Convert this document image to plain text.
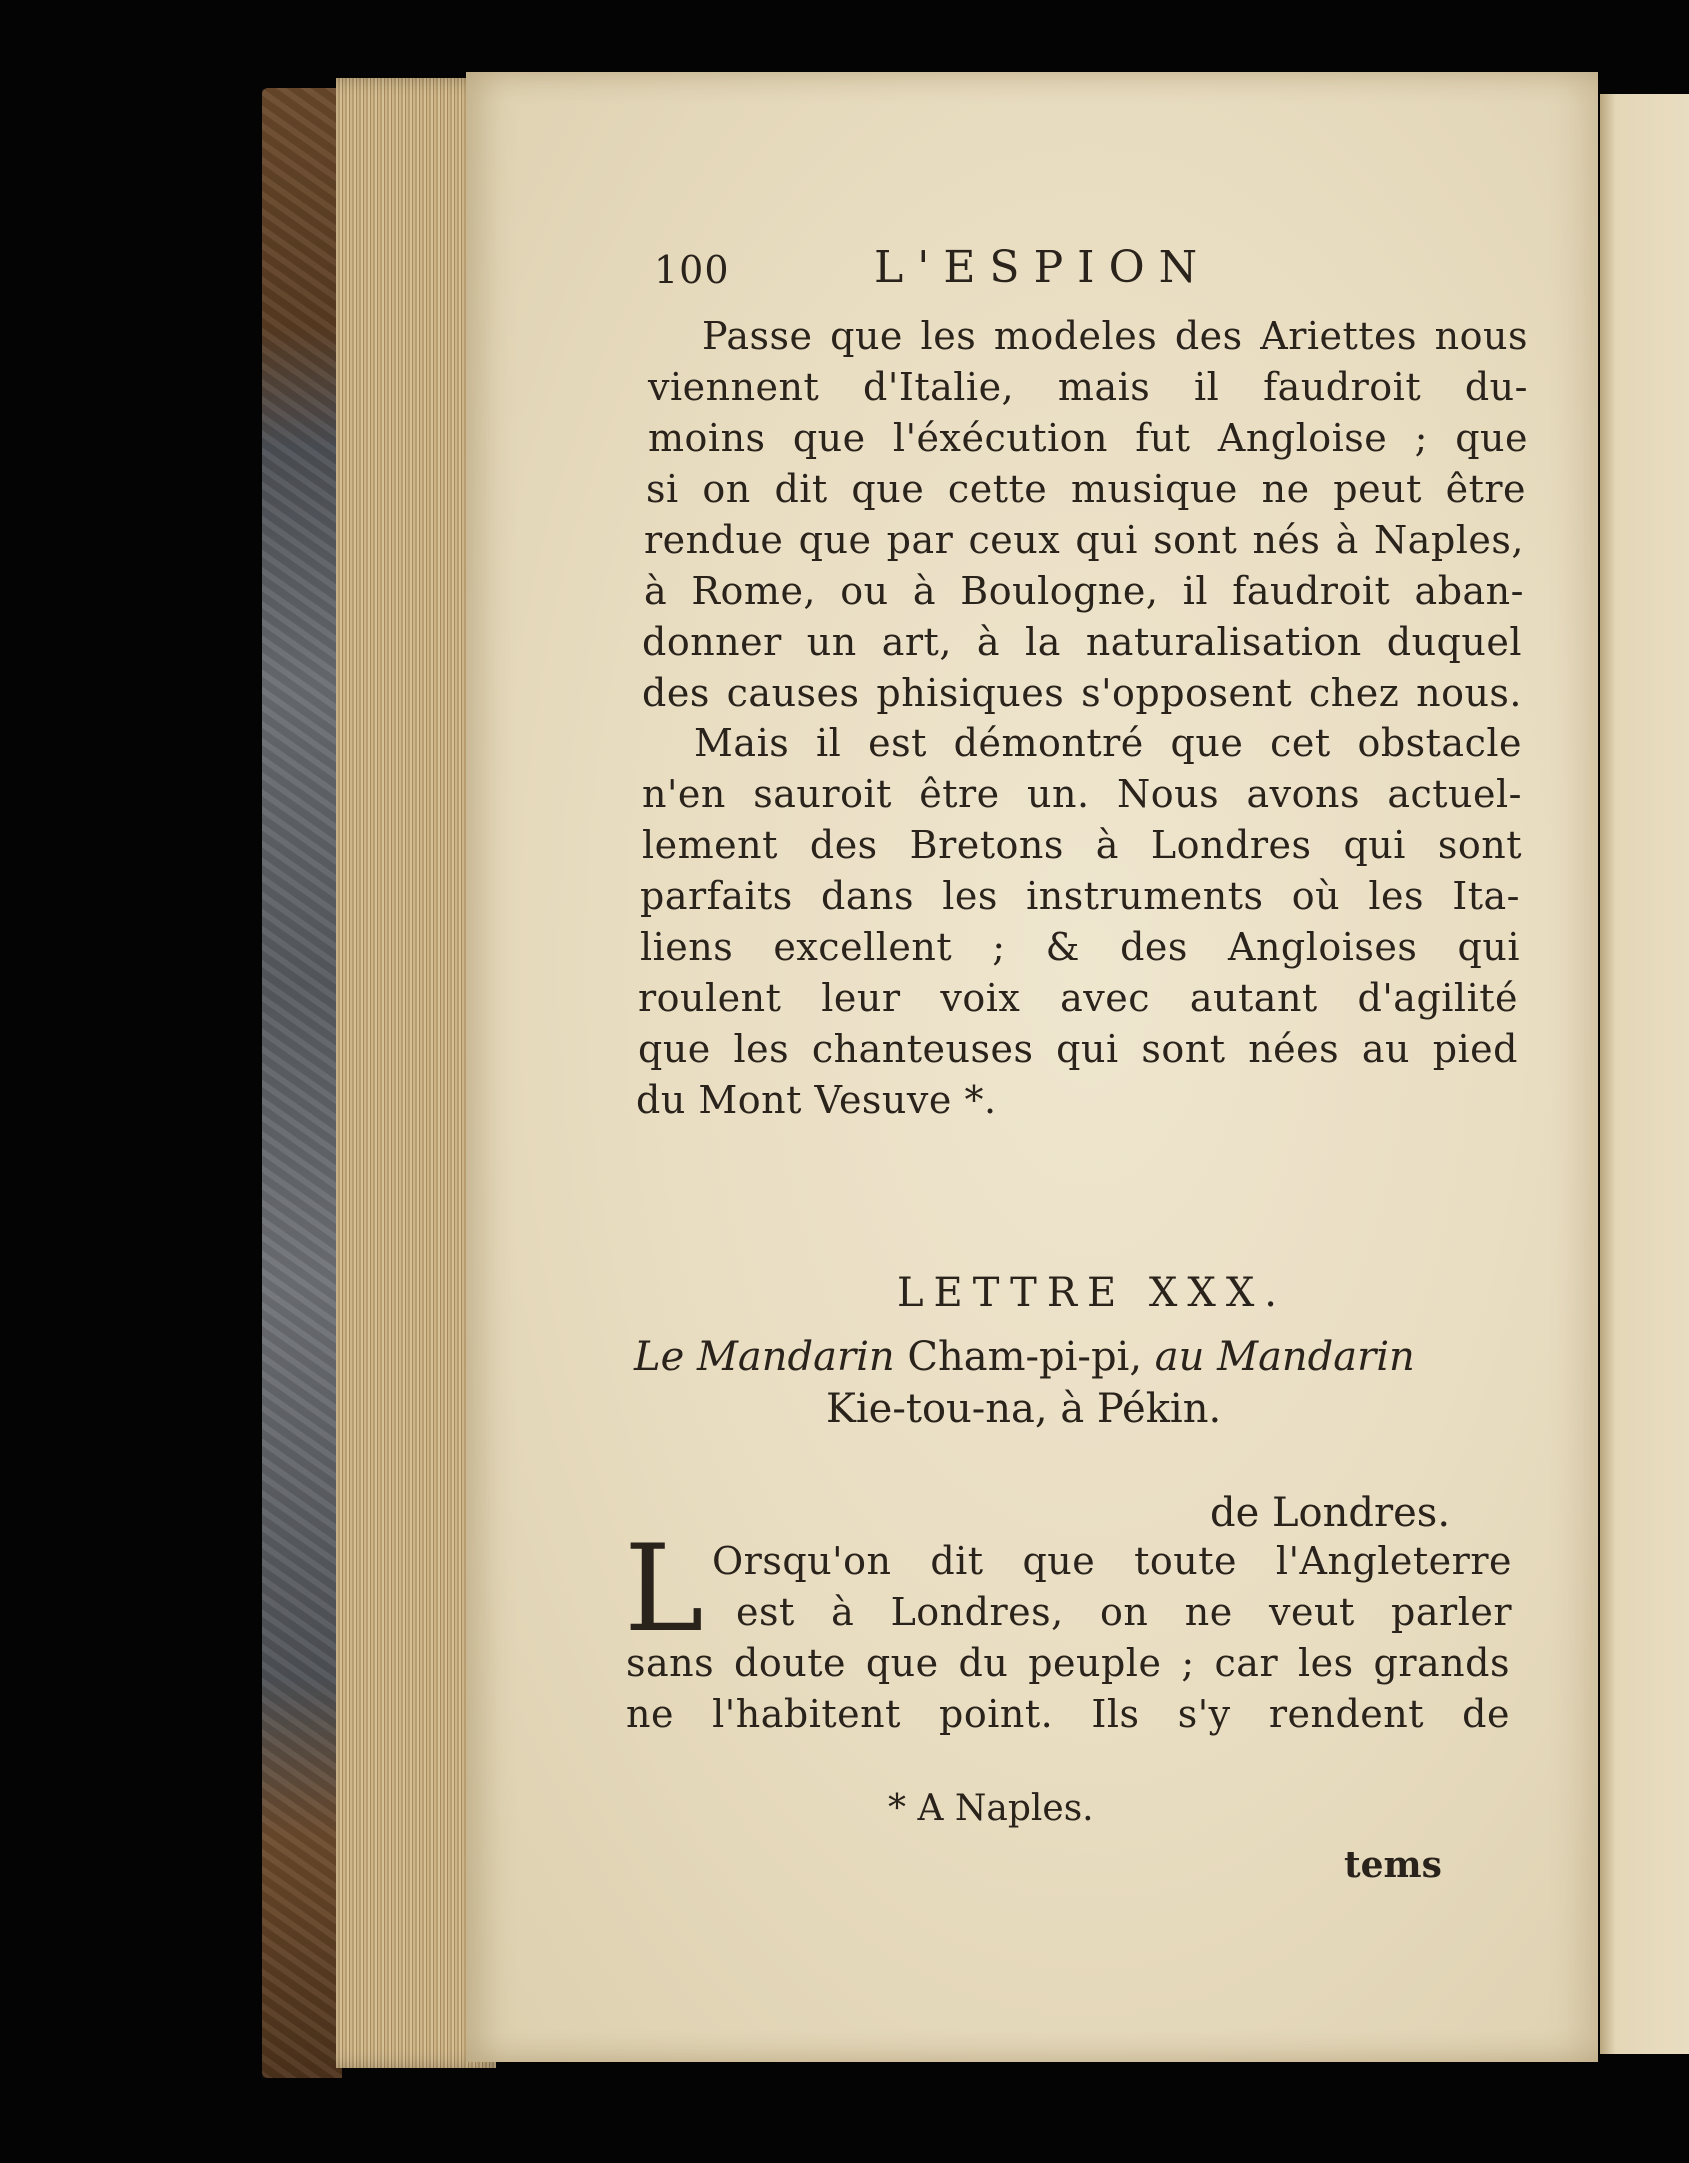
100	L'ESPION
Passe que les modeles des Ariettes nous
viennent d'Italie, mais il faudroit du-
moins que l'éxécution fut Angloise ; que
si on dit que cette musique ne peut être
rendue que par ceux qui sont nés à Naples,
à Rome, ou à Boulogne, il faudroit aban-
donner un art, à la naturalisation duquel
des causes phisiques s'opposent chez nous.
Mais il est démontré que cet obstacle
n'en sauroit être un. Nous avons actuel-
lement des Bretons à Londres qui sont
parfaits dans les instruments où les Ita-
liens excellent ; & des Angloises qui
roulent leur voix avec autant d'agilité
que les chanteuses qui sont nées au pied
du Mont Vesuve *.
LETTRE XXX.
Le Mandarin Cham-pi-pi, au Mandarin
Kie-tou-na, à Pékin.
de Londres.
L Orsqu'on dit que toute l'Angleterre
est à Londres, on ne veut parler
sans doute que du peuple ; car les grands
ne l'habitent point. Ils s'y rendent de
* A Naples.
tems
